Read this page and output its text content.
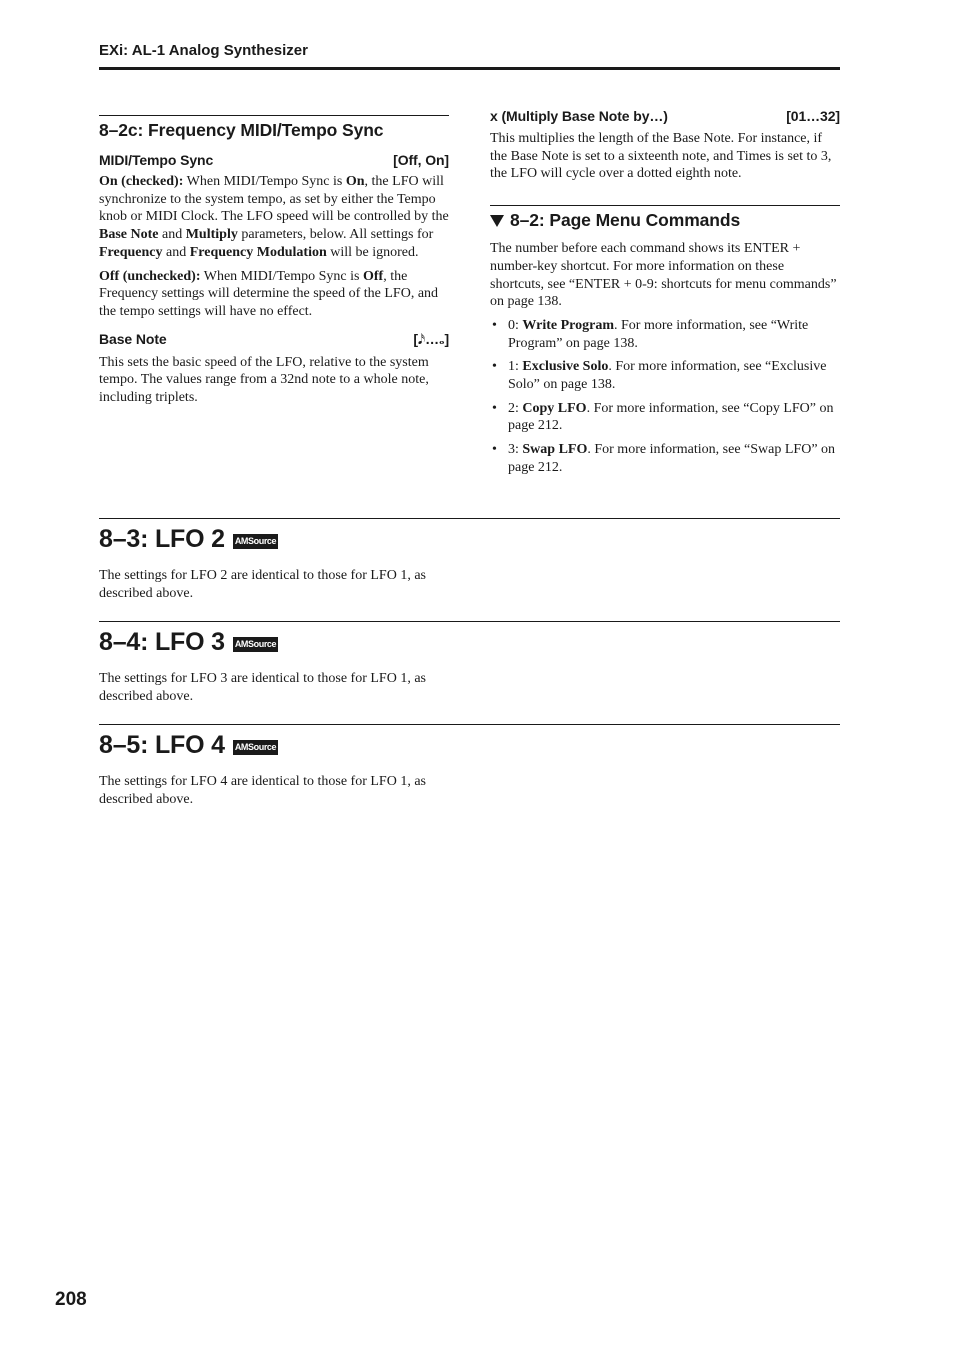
EXi: AL-1 Analog Synthesizer
8–2c: Frequency MIDI/Tempo Sync
MIDI/Tempo Sync	[Off, On]

On (checked): When MIDI/Tempo Sync is On, the LFO will synchronize to the system tempo, as set by either the Tempo knob or MIDI Clock. The LFO speed will be controlled by the Base Note and Multiply parameters, below. All settings for Frequency and Frequency Modulation will be ignored.

Off (unchecked): When MIDI/Tempo Sync is Off, the Frequency settings will determine the speed of the LFO, and the tempo settings will have no effect.

Base Note	[ 𝅘𝅥𝅯 … 𝅝 ]

This sets the basic speed of the LFO, relative to the system tempo. The values range from a 32nd note to a whole note, including triplets.

x (Multiply Base Note by…)	[01…32]

This multiplies the length of the Base Note. For instance, if the Base Note is set to a sixteenth note, and Times is set to 3, the LFO will cycle over a dotted eighth note.

8–2: Page Menu Commands

The number before each command shows its ENTER + number-key shortcut. For more information on these shortcuts, see “ENTER + 0-9: shortcuts for menu commands” on page 138.

• 0: Write Program. For more information, see “Write Program” on page 138.
• 1: Exclusive Solo. For more information, see “Exclusive Solo” on page 138.
• 2: Copy LFO. For more information, see “Copy LFO” on page 212.
• 3: Swap LFO. For more information, see “Swap LFO” on page 212.
8–3: LFO 2 AMSource

The settings for LFO 2 are identical to those for LFO 1, as described above.

8–4: LFO 3 AMSource

The settings for LFO 3 are identical to those for LFO 1, as described above.

8–5: LFO 4 AMSource

The settings for LFO 4 are identical to those for LFO 1, as described above.

208
